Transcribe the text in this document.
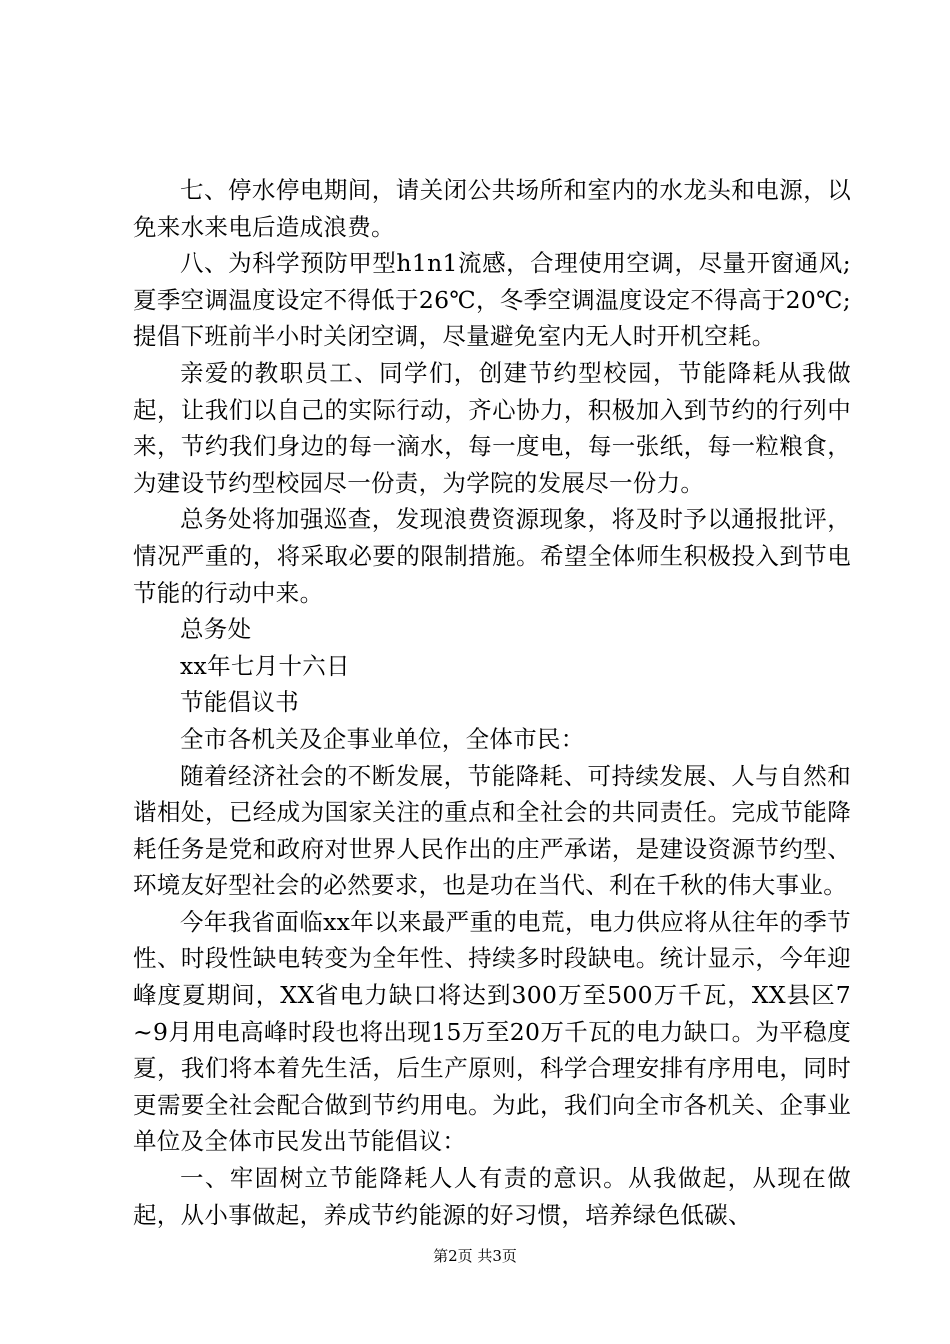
七、停水停电期间，请关闭公共场所和室内的水龙头和电源，以免来水来电后造成浪费。

八、为科学预防甲型h1n1流感，合理使用空调，尽量开窗通风;夏季空调温度设定不得低于26℃，冬季空调温度设定不得高于20℃;提倡下班前半小时关闭空调，尽量避免室内无人时开机空耗。

亲爱的教职员工、同学们，创建节约型校园，节能降耗从我做起，让我们以自己的实际行动，齐心协力，积极加入到节约的行列中来，节约我们身边的每一滴水，每一度电，每一张纸，每一粒粮食，为建设节约型校园尽一份责，为学院的发展尽一份力。

总务处将加强巡查，发现浪费资源现象，将及时予以通报批评，情况严重的，将采取必要的限制措施。希望全体师生积极投入到节电节能的行动中来。

总务处

xx年七月十六日

节能倡议书

全市各机关及企事业单位，全体市民：

随着经济社会的不断发展，节能降耗、可持续发展、人与自然和谐相处，已经成为国家关注的重点和全社会的共同责任。完成节能降耗任务是党和政府对世界人民作出的庄严承诺，是建设资源节约型、环境友好型社会的必然要求，也是功在当代、利在千秋的伟大事业。

今年我省面临xx年以来最严重的电荒，电力供应将从往年的季节性、时段性缺电转变为全年性、持续多时段缺电。统计显示，今年迎峰度夏期间，XX省电力缺口将达到300万至500万千瓦，XX县区7~9月用电高峰时段也将出现15万至20万千瓦的电力缺口。为平稳度夏，我们将本着先生活，后生产原则，科学合理安排有序用电，同时更需要全社会配合做到节约用电。为此，我们向全市各机关、企事业单位及全体市民发出节能倡议：

一、牢固树立节能降耗人人有责的意识。从我做起，从现在做起，从小事做起，养成节约能源的好习惯，培养绿色低碳、

第2页 共3页
